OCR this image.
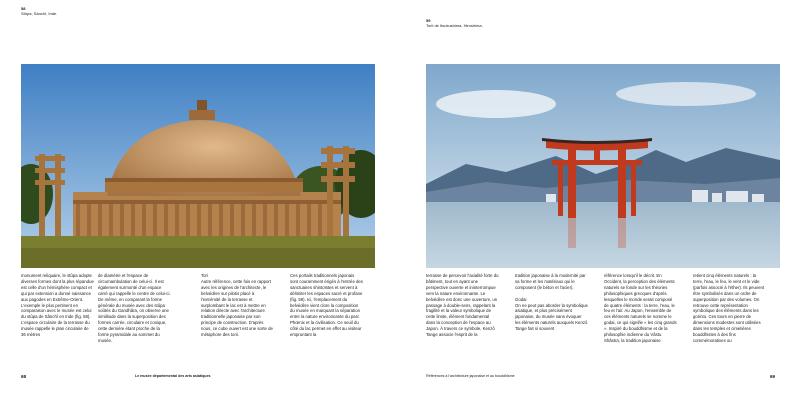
58
Stûpa, Sânchî, Inde.

monument reliquaire, le stûpa adopte diverses formes dont la plus répandue est celle d'un hémisphère compact et qui par extension a donné naissance aux pagodes en Extrême-Orient. L'exemple le plus pertinent en comparaison avec le musée est celui du stûpa de Sânchî en Inde (fig. 58). L'espace circulaire de la terrasse du musée rappelle le plan circulaire de 36 mètres

de diamètre et l'espace de circumambulation de celui-ci. Il est également surmonté d'un espace carré qui rappelle le centre de celui-ci. De même, en comparant la forme générale du musée avec des stûpa voûtés du Gandhâra, on observe une similitude dans la superposition des formes carrée, circulaire et conique, cette dernière étant proche de la forme pyramidale au sommet du musée.

Tori
Autre référence, cette fois en rapport avec les origines de l'architecte, le belvédère sur pilotis placé à l'extrémité de la terrasse et surplombant le lac est à mettre en relation directe avec l'architecture traditionnelle japonaise par son principe de construction. D'après nous, ce cube ouvert est une sorte de métaphore des torii.

Ces portails traditionnels japonais sont couramment érigés à l'entrée des sanctuaires shintoïstes et servent à délimiter les espaces sacré et profane (fig. 59). Ici, l'emplacement du belvédère vient clore la composition du musée en marquant la séparation entre la nature environnante du parc Phœnix et la civilisation. Ce seuil du côté du lac permet en effet au visiteur empruntant la

68	Le musée départemental des arts asiatiques
59
Torii de Itsukushima, Hiroshima.

terrasse de percevoir l'axialité forte du bâtiment, tout en ayant une perspective ouverte et ininterrompue vers la nature environnante. Le belvédère est donc une ouverture, un passage à double-sens, rappelant la fragilité et la valeur symbolique de cette limite, élément fondamental dans la conception de l'espace au Japon. À travers ce symbole, Kenzô Tange associe l'esprit de la

tradition japonaise à la modernité par sa forme et les matériaux qui le composent (le béton et l'acier).

Godai
On ne peut pas aborder la symbolique asiatique, et plus précisément japonaise, du musée sans évoquer les éléments naturels auxquels Kenzô Tange fait si souvent

référence lorsqu'il le décrit. En Occident, la perception des éléments naturels se fonde sur les théories philosophiques grecques d'après lesquelles le monde serait composé de quatre éléments : la terre, l'eau, le feu et l'air. Au Japon, l'ensemble de ces éléments naturels se nomme le godai, ce qui signifie « les cinq grands ». Inspiré du bouddhisme et de la philosophie indienne du Vâstu Shâstra, la tradition japonaise

retient cinq éléments naturels : la terre, l'eau, le feu, le vent et le vide (parfois associé à l'éther). Ils peuvent être symbolisés dans un ordre de superposition par des volumes. On retrouve cette représentation symbolique des éléments dans les gorinto. Ces tours en pierre de dimensions modestes sont utilisées dans les temples et cimetières bouddhistes à des fins commémoratives ou

Références à l'architecture japonaise et au bouddhisme	69
